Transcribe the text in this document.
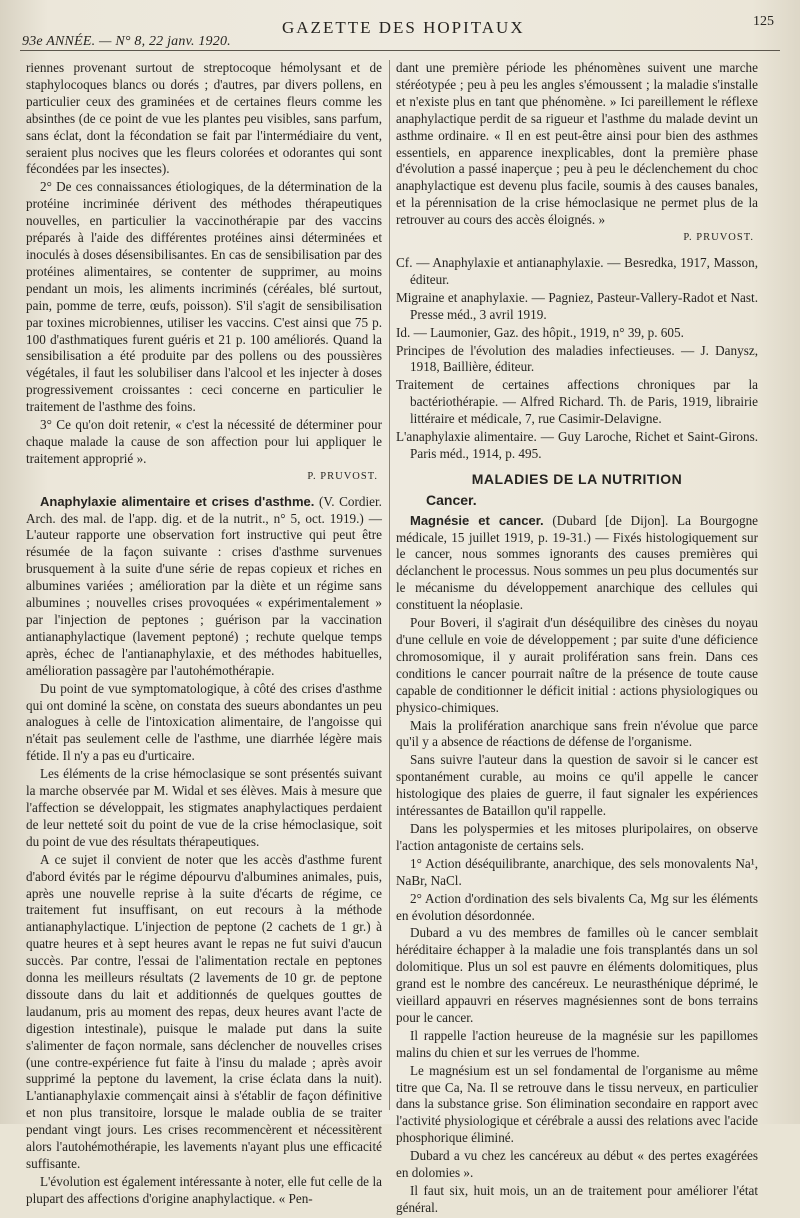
93e ANNÉE. — N° 8, 22 janv. 1920.
GAZETTE DES HOPITAUX	125

riennes provenant surtout de streptocoque hémolysant et de staphylocoques blancs ou dorés ; d'autres, par divers pollens, en particulier ceux des graminées et de certaines fleurs comme les absinthes (de ce point de vue les plantes peu visibles, sans parfum, sans éclat, dont la fécondation se fait par l'intermédiaire du vent, seraient plus nocives que les fleurs colorées et odorantes qui sont fécondées par les insectes).

2° De ces connaissances étiologiques, de la détermination de la protéine incriminée dérivent des méthodes thérapeutiques nouvelles, en particulier la vaccinothérapie par des vaccins préparés à l'aide des différentes protéines ainsi déterminées et inoculés à doses désensibilisantes. En cas de sensibilisation par des protéines alimentaires, se contenter de supprimer, au moins pendant un mois, les aliments incriminés (céréales, blé surtout, pain, pomme de terre, œufs, poisson). S'il s'agit de sensibilisation par toxines microbiennes, utiliser les vaccins. C'est ainsi que 75 p. 100 d'asthmatiques furent guéris et 21 p. 100 améliorés. Quand la sensibilisation a été produite par des pollens ou des poussières végétales, il faut les solubiliser dans l'alcool et les injecter à doses progressivement croissantes : ceci concerne en particulier le traitement de l'asthme des foins.

3° Ce qu'on doit retenir, « c'est la nécessité de déterminer pour chaque malade la cause de son affection pour lui appliquer le traitement approprié ».

P. PRUVOST.

Anaphylaxie alimentaire et crises d'asthme. (V. Cordier. Arch. des mal. de l'app. dig. et de la nutrit., n° 5, oct. 1919.) — L'auteur rapporte une observation fort instructive qui peut être résumée de la façon suivante : crises d'asthme survenues brusquement à la suite d'une série de repas copieux et riches en albumines variées ; amélioration par la diète et un régime sans albumines ; nouvelles crises provoquées « expérimentalement » par l'injection de peptones ; guérison par la vaccination antianaphylactique (lavement peptoné) ; rechute quelque temps après, échec de l'antianaphylaxie, et des méthodes habituelles, amélioration passagère par l'autohémothérapie.

Du point de vue symptomatologique, à côté des crises d'asthme qui ont dominé la scène, on constata des sueurs abondantes un peu analogues à celle de l'intoxication alimentaire, de l'angoisse qui n'était pas seulement celle de l'asthme, une diarrhée légère mais fétide. Il n'y a pas eu d'urticaire.

Les éléments de la crise hémoclasique se sont présentés suivant la marche observée par M. Widal et ses élèves. Mais à mesure que l'affection se développait, les stigmates anaphylactiques perdaient de leur netteté soit du point de vue de la crise hémoclasique, soit du point de vue des résultats thérapeutiques.

A ce sujet il convient de noter que les accès d'asthme furent d'abord évités par le régime dépourvu d'albumines animales, puis, après une nouvelle reprise à la suite d'écarts de régime, ce traitement fut insuffisant, on eut recours à la méthode antianaphylactique. L'injection de peptone (2 cachets de 1 gr.) à quatre heures et à sept heures avant le repas ne fut suivi d'aucun succès. Par contre, l'essai de l'alimentation rectale en peptones donna les meilleurs résultats (2 lavements de 10 gr. de peptone dissoute dans du lait et additionnés de quelques gouttes de laudanum, pris au moment des repas, deux heures avant l'acte de digestion intestinale), puisque le malade put dans la suite s'alimenter de façon normale, sans déclencher de nouvelles crises (une contre-expérience fut faite à l'insu du malade ; après avoir supprimé la peptone du lavement, la crise éclata dans la nuit). L'antianaphylaxie commençait ainsi à s'établir de façon définitive et non plus transitoire, lorsque le malade oublia de se traiter pendant vingt jours. Les crises recommencèrent et nécessitèrent alors l'autohémothérapie, les lavements n'ayant plus une efficacité suffisante.

L'évolution est également intéressante à noter, elle fut celle de la plupart des affections d'origine anaphylactique. « Pen-

dant une première période les phénomènes suivent une marche stéréotypée ; peu à peu les angles s'émoussent ; la maladie s'installe et n'existe plus en tant que phénomène. » Ici pareillement le réflexe anaphylactique perdit de sa rigueur et l'asthme du malade devint un asthme ordinaire. « Il en est peut-être ainsi pour bien des asthmes essentiels, en apparence inexplicables, dont la première phase d'évolution a passé inaperçue ; peu à peu le déclenchement du choc anaphylactique est devenu plus facile, soumis à des causes banales, et la pérennisation de la crise hémoclasique ne permet plus de la retrouver au cours des accès éloignés. »

P. PRUVOST.

Cf. — Anaphylaxie et antianaphylaxie. — Besredka, 1917, Masson, éditeur.

Migraine et anaphylaxie. — Pagniez, Pasteur-Vallery-Radot et Nast. Presse méd., 3 avril 1919.

Id. — Laumonier, Gaz. des hôpit., 1919, n° 39, p. 605.

Principes de l'évolution des maladies infectieuses. — J. Danysz, 1918, Baillière, éditeur.

Traitement de certaines affections chroniques par la bactériothérapie. — Alfred Richard. Th. de Paris, 1919, librairie littéraire et médicale, 7, rue Casimir-Delavigne.

L'anaphylaxie alimentaire. — Guy Laroche, Richet et Saint-Girons. Paris méd., 1914, p. 495.

MALADIES DE LA NUTRITION
Cancer.

Magnésie et cancer. (Dubard [de Dijon]. La Bourgogne médicale, 15 juillet 1919, p. 19-31.) — Fixés histologiquement sur le cancer, nous sommes ignorants des causes premières qui déclanchent le processus. Nous sommes un peu plus documentés sur le mécanisme du développement anarchique des cellules qui constituent la néoplasie.

Pour Boveri, il s'agirait d'un déséquilibre des cinèses du noyau d'une cellule en voie de développement ; par suite d'une déficience chromosomique, il y aurait prolifération sans frein. Dans ces conditions le cancer pourrait naître de la présence de toute cause capable de conditionner le déficit initial : actions physiologiques ou physico-chimiques.

Mais la prolifération anarchique sans frein n'évolue que parce qu'il y a absence de réactions de défense de l'organisme.

Sans suivre l'auteur dans la question de savoir si le cancer est spontanément curable, au moins ce qu'il appelle le cancer histologique des plaies de guerre, il faut signaler les expériences intéressantes de Bataillon qu'il rappelle.

Dans les polyspermies et les mitoses pluripolaires, on observe l'action antagoniste de certains sels.

1° Action déséquilibrante, anarchique, des sels monovalents Na¹, NaBr, NaCl.

2° Action d'ordination des sels bivalents Ca, Mg sur les éléments en évolution désordonnée.

Dubard a vu des membres de familles où le cancer semblait héréditaire échapper à la maladie une fois transplantés dans un sol dolomitique. Plus un sol est pauvre en éléments dolomitiques, plus grand est le nombre des cancéreux. Le neurasthénique déprimé, le vieillard appauvri en réserves magnésiennes sont de bons terrains pour le cancer.

Il rappelle l'action heureuse de la magnésie sur les papillomes malins du chien et sur les verrues de l'homme.

Le magnésium est un sel fondamental de l'organisme au même titre que Ca, Na. Il se retrouve dans le tissu nerveux, en particulier dans la substance grise. Son élimination secondaire en rapport avec l'activité physiologique et cérébrale a aussi des relations avec l'acide phosphorique éliminé.

Dubard a vu chez les cancéreux au début « des pertes exagérées en dolomies ».

Il faut six, huit mois, un an de traitement pour améliorer l'état général.
